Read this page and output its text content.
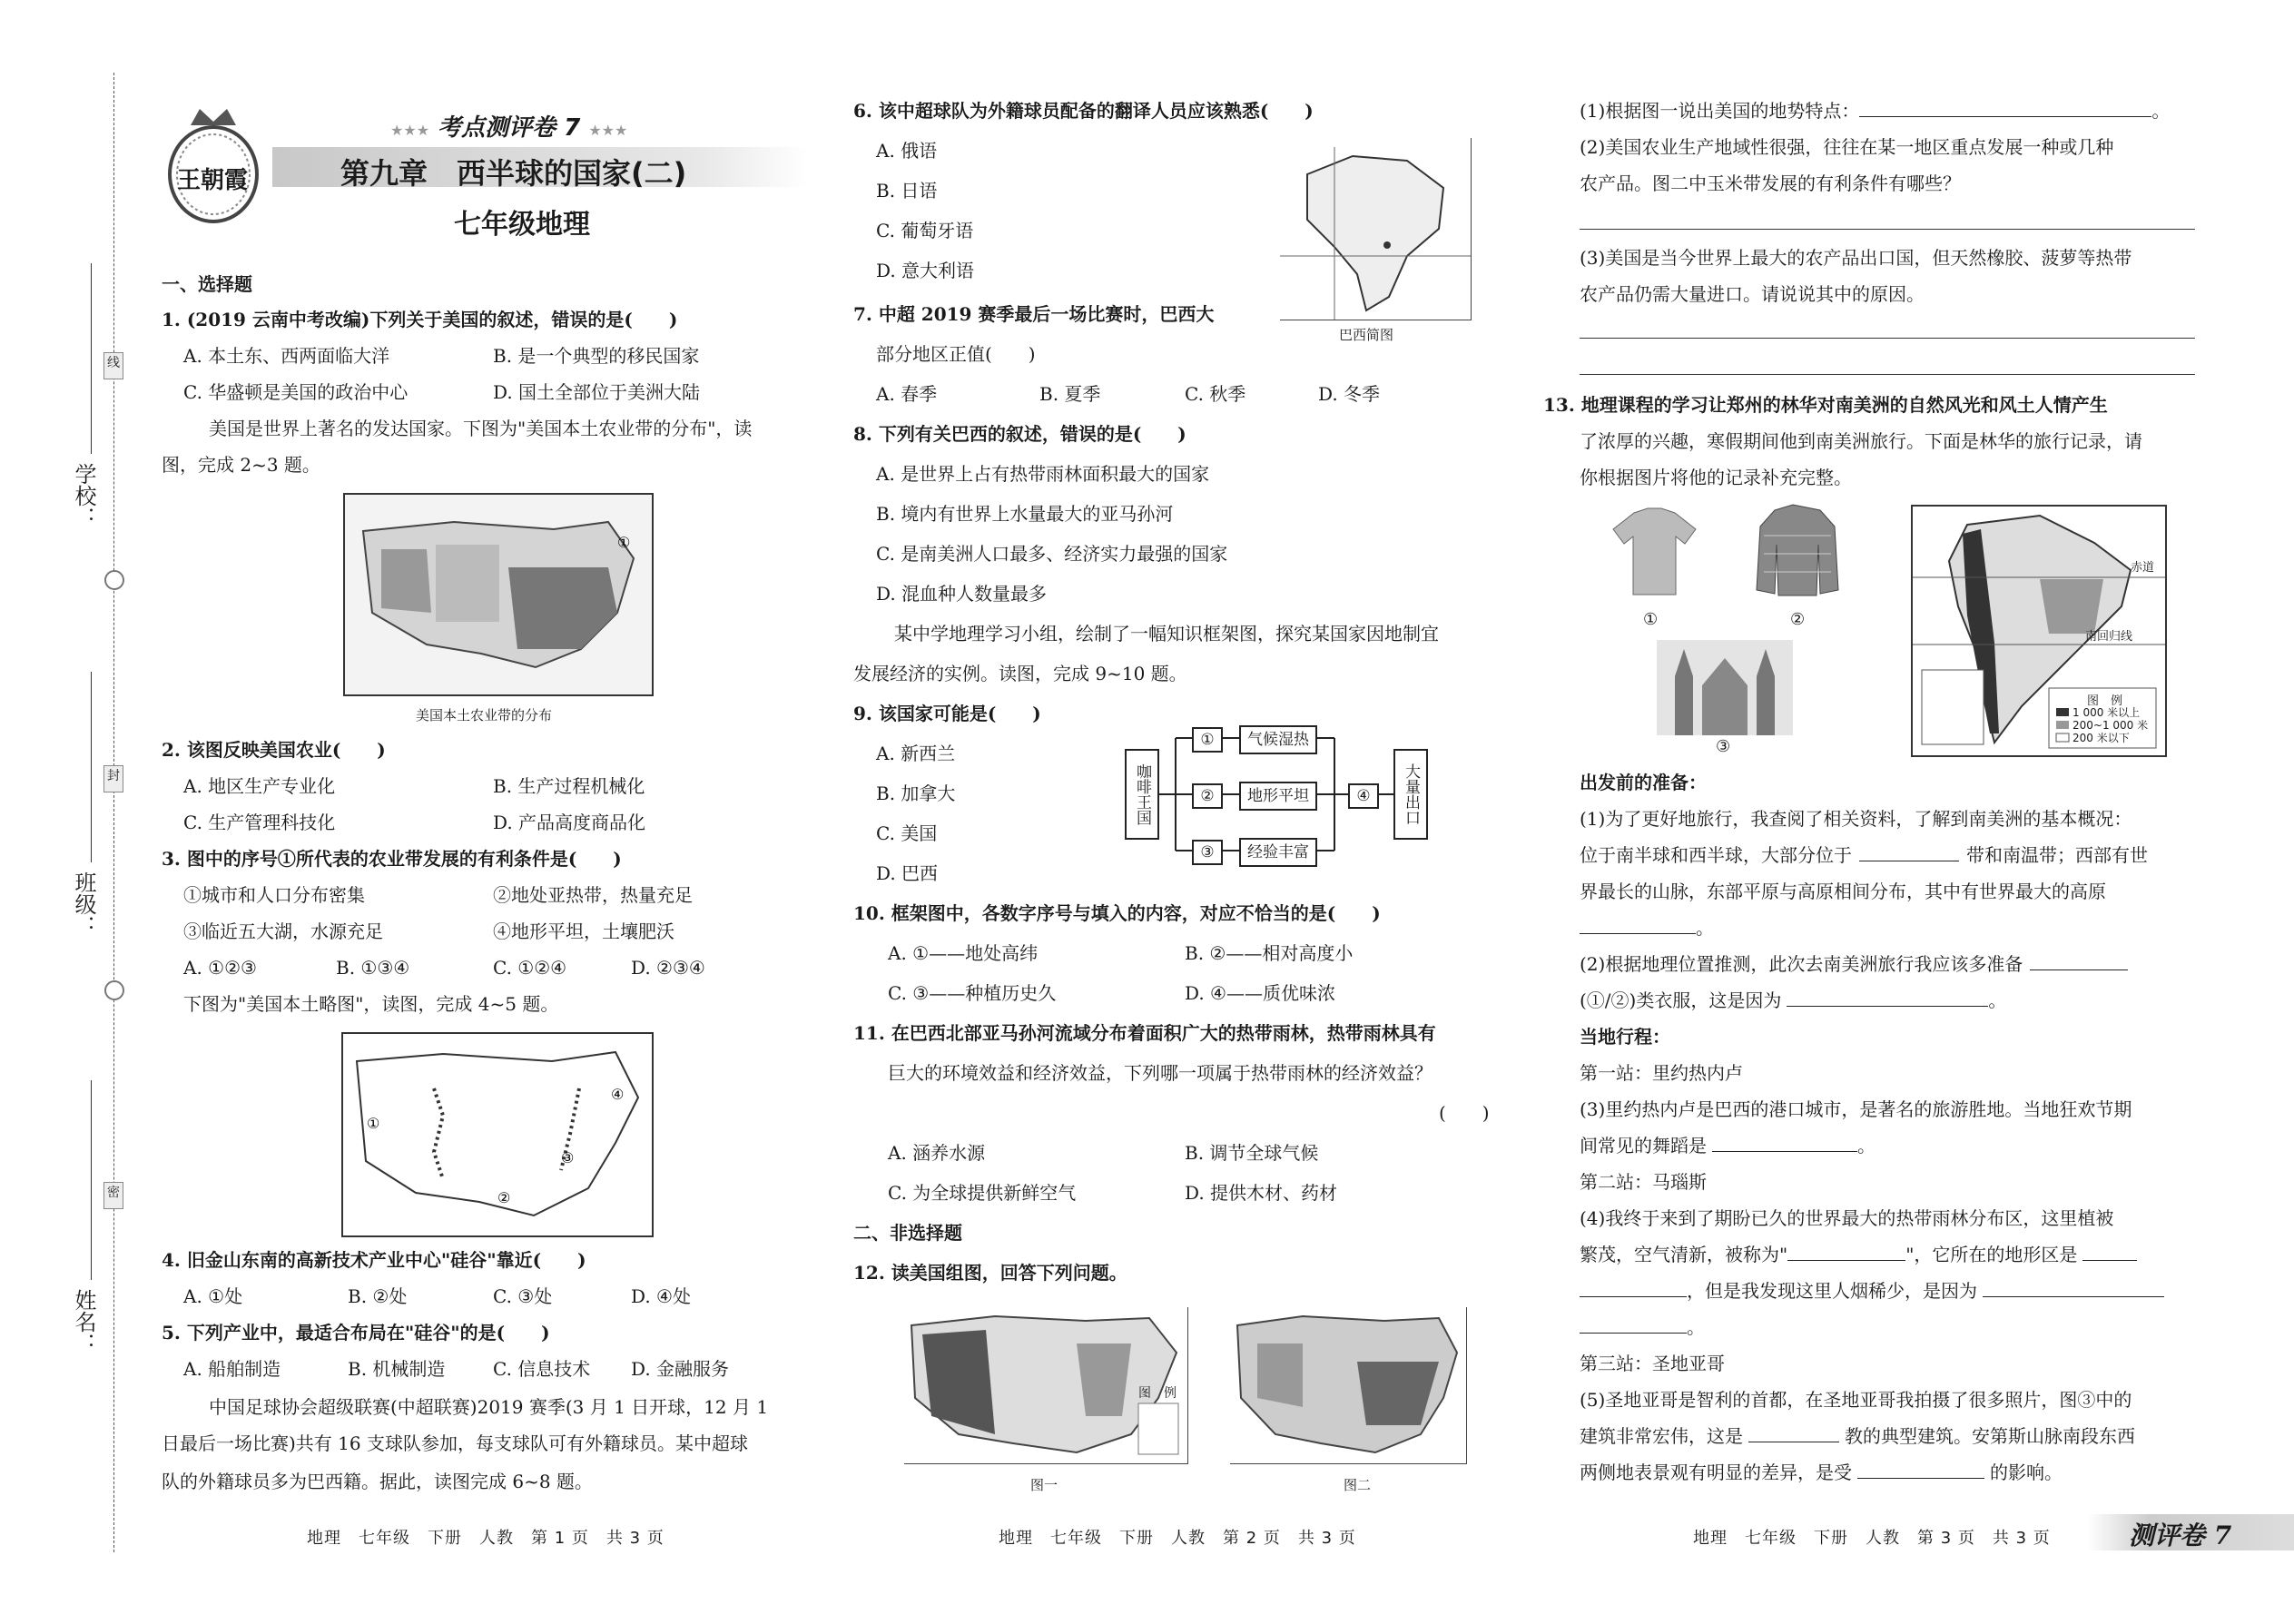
学校：
班级：
姓名：
线
封
密
王朝霞
★★★ 考点测评卷 7 ★★★
第九章　西半球的国家(二)
七年级地理
一、选择题
1. (2019 云南中考改编)下列关于美国的叙述，错误的是(　　)
A. 本土东、西两面临大洋	B. 是一个典型的移民国家
C. 华盛顿是美国的政治中心	D. 国土全部位于美洲大陆
美国是世界上著名的发达国家。下图为"美国本土农业带的分布"，读
图，完成 2~3 题。
①
美国本土农业带的分布
2. 该图反映美国农业(　　)
A. 地区生产专业化	B. 生产过程机械化
C. 生产管理科技化	D. 产品高度商品化
3. 图中的序号①所代表的农业带发展的有利条件是(　　)
①城市和人口分布密集	②地处亚热带，热量充足
③临近五大湖，水源充足	④地形平坦，土壤肥沃
A. ①②③	B. ①③④	C. ①②④	D. ②③④
下图为"美国本土略图"，读图，完成 4~5 题。
①
②
③
④
4. 旧金山东南的高新技术产业中心"硅谷"靠近(　　)
A. ①处	B. ②处	C. ③处	D. ④处
5. 下列产业中，最适合布局在"硅谷"的是(　　)
A. 船舶制造	B. 机械制造	C. 信息技术 D. 金融服务
中国足球协会超级联赛(中超联赛)2019 赛季(3 月 1 日开球，12 月 1
日最后一场比赛)共有 16 支球队参加，每支球队可有外籍球员。某中超球
队的外籍球员多为巴西籍。据此，读图完成 6~8 题。
地理　七年级　下册　人教　第 1 页　共 3 页
6. 该中超球队为外籍球员配备的翻译人员应该熟悉(　　)
A. 俄语
B. 日语
C. 葡萄牙语
D. 意大利语
巴西简图
7. 中超 2019 赛季最后一场比赛时，巴西大
部分地区正值(　　)
A. 春季	B. 夏季	C. 秋季	D. 冬季
8. 下列有关巴西的叙述，错误的是(　　)
A. 是世界上占有热带雨林面积最大的国家
B. 境内有世界上水量最大的亚马孙河
C. 是南美洲人口最多、经济实力最强的国家
D. 混血种人数量最多
某中学地理学习小组，绘制了一幅知识框架图，探究某国家因地制宜
发展经济的实例。读图，完成 9~10 题。
9. 该国家可能是(　　)
A. 新西兰
B. 加拿大
C. 美国
D. 巴西
咖啡王国
①
②
③
气候湿热
地形平坦
经验丰富
④	大量出口
10. 框架图中，各数字序号与填入的内容，对应不恰当的是(　　)
A. ①——地处高纬	B. ②——相对高度小
C. ③——种植历史久	D. ④——质优味浓
11. 在巴西北部亚马孙河流域分布着面积广大的热带雨林，热带雨林具有
巨大的环境效益和经济效益，下列哪一项属于热带雨林的经济效益？
(　　)
A. 涵养水源	B. 调节全球气候
C. 为全球提供新鲜空气	D. 提供木材、药材
二、非选择题
12. 读美国组图，回答下列问题。
图　例
图一	图二
地理　七年级　下册　人教　第 2 页　共 3 页
(1)根据图一说出美国的地势特点：	。
(2)美国农业生产地域性很强，往往在某一地区重点发展一种或几种
农产品。图二中玉米带发展的有利条件有哪些？
(3)美国是当今世界上最大的农产品出口国，但天然橡胶、菠萝等热带
农产品仍需大量进口。请说说其中的原因。
13. 地理课程的学习让郑州的林华对南美洲的自然风光和风土人情产生
了浓厚的兴趣，寒假期间他到南美洲旅行。下面是林华的旅行记录，请
你根据图片将他的记录补充完整。
①	②
③
赤道
南回归线
图　例
1 000 米以上
200~1 000 米
200 米以下
出发前的准备：
(1)为了更好地旅行，我查阅了相关资料，了解到南美洲的基本概况：
位于南半球和西半球，大部分位于	带和南温带；西部有世
界最长的山脉，东部平原与高原相间分布，其中有世界最大的高原
。
(2)根据地理位置推测，此次去南美洲旅行我应该多准备
(①/②)类衣服，这是因为	。
当地行程：
第一站：里约热内卢
(3)里约热内卢是巴西的港口城市，是著名的旅游胜地。当地狂欢节期
间常见的舞蹈是	。
第二站：马瑙斯
(4)我终于来到了期盼已久的世界最大的热带雨林分布区，这里植被
繁茂，空气清新，被称为"	"，它所在的地形区是
，但是我发现这里人烟稀少，是因为
。
第三站：圣地亚哥
(5)圣地亚哥是智利的首都，在圣地亚哥我拍摄了很多照片，图③中的
建筑非常宏伟，这是	教的典型建筑。安第斯山脉南段东西
两侧地表景观有明显的差异，是受	的影响。
地理　七年级　下册　人教　第 3 页　共 3 页	测评卷 7
